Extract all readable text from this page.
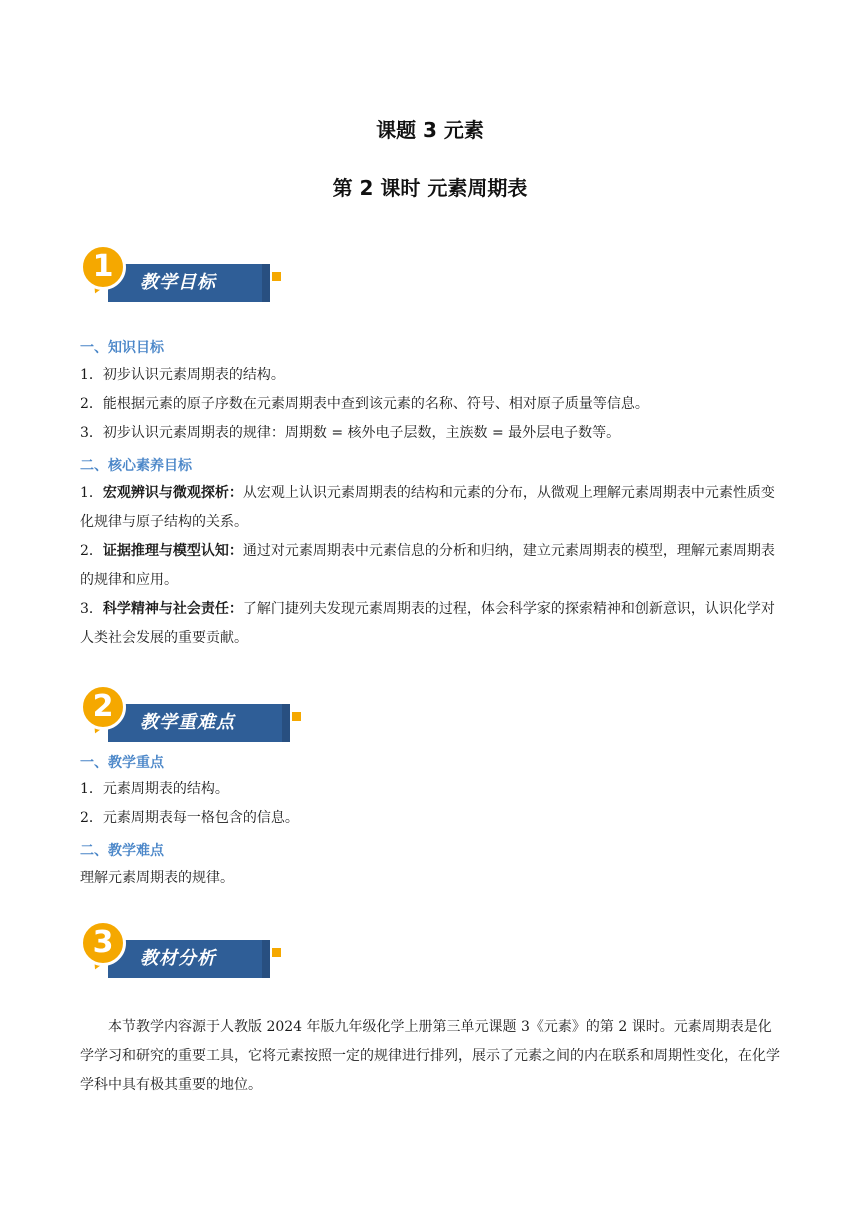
课题 3 元素
第 2 课时 元素周期表
教学目标
1
一、知识目标
1．初步认识元素周期表的结构。
2．能根据元素的原子序数在元素周期表中查到该元素的名称、符号、相对原子质量等信息。
3．初步认识元素周期表的规律：周期数 = 核外电子层数，主族数 = 最外层电子数等。
二、核心素养目标
1．宏观辨识与微观探析：从宏观上认识元素周期表的结构和元素的分布，从微观上理解元素周期表中元素性质变化规律与原子结构的关系。
2．证据推理与模型认知：通过对元素周期表中元素信息的分析和归纳，建立元素周期表的模型，理解元素周期表的规律和应用。
3．科学精神与社会责任：了解门捷列夫发现元素周期表的过程，体会科学家的探索精神和创新意识，认识化学对人类社会发展的重要贡献。
教学重难点
2
一、教学重点
1．元素周期表的结构。
2．元素周期表每一格包含的信息。
二、教学难点
理解元素周期表的规律。
教材分析
3
本节教学内容源于人教版 2024 年版九年级化学上册第三单元课题 3《元素》的第 2 课时。元素周期表是化学学习和研究的重要工具，它将元素按照一定的规律进行排列，展示了元素之间的内在联系和周期性变化，在化学学科中具有极其重要的地位。
